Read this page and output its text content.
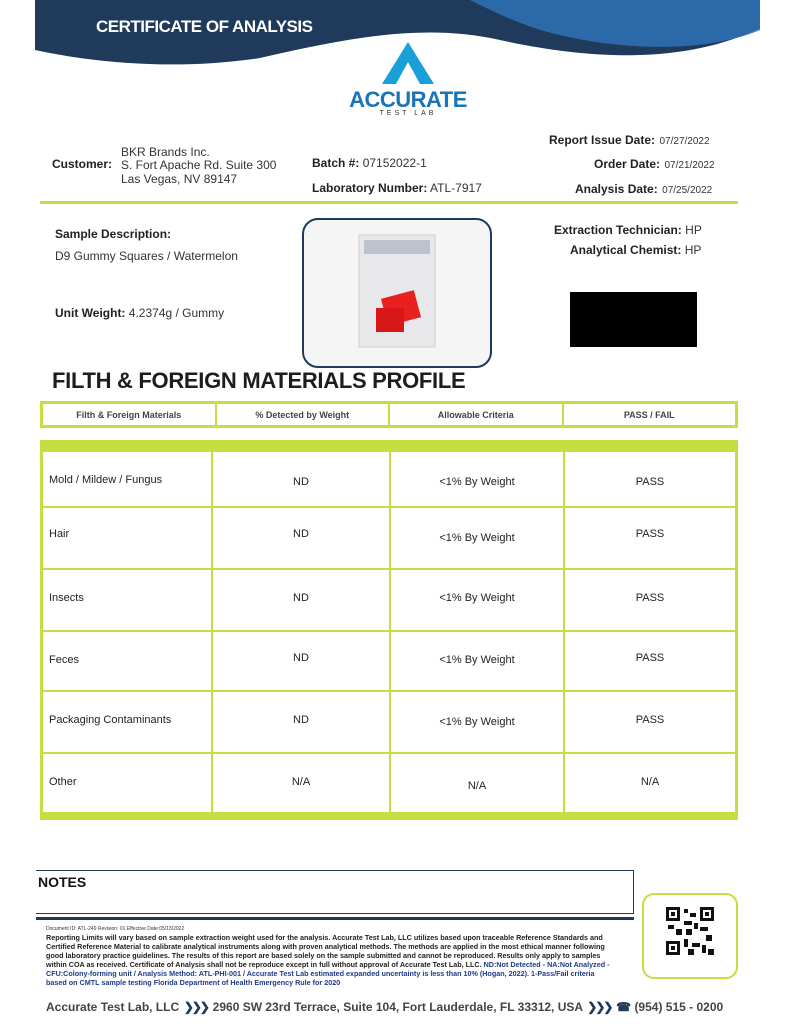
CERTIFICATE OF ANALYSIS
ACCURATE
TEST LAB
Customer:
BKR Brands Inc.
S. Fort Apache Rd. Suite 300
Las Vegas, NV 89147
Batch #: 07152022-1
Laboratory Number: ATL-7917
Report Issue Date: 07/27/2022
Order Date: 07/21/2022
Analysis Date: 07/25/2022
Sample Description:
D9 Gummy Squares / Watermelon
Unit Weight: 4.2374g / Gummy
Extraction Technician: HP
Analytical Chemist: HP
FILTH & FOREIGN MATERIALS PROFILE
Filth & Foreign Materials	% Detected by Weight	Allowable Criteria	PASS / FAIL
Mold / Mildew / Fungus	ND	<1% By Weight	PASS
Hair	ND	<1% By Weight	PASS
Insects	ND	<1% By Weight	PASS
Feces	ND	<1% By Weight	PASS
Packaging Contaminants	ND	<1% By Weight	PASS
Other	N/A	N/A	N/A
NOTES
Document ID: ATL-249 Revision: 01 Effective Date:05/13/2022
Reporting Limits will vary based on sample extraction weight used for the analysis. Accurate Test Lab, LLC utilizes based upon traceable Reference Standards and Certified Reference Material to calibrate analytical instruments along with proven analytical methods. The methods are applied in the most ethical manner following good laboratory practice guidelines. The results of this report are based solely on the sample submitted and cannot be reproduced. Results only apply to samples within COA as received. Certificate of Analysis shall not be reproduce except in full without approval of Accurate Test Lab, LLC. ND:Not Detected - NA:Not Analyzed - CFU:Colony-forming unit / Analysis Method: ATL-PHI-001 / Accurate Test Lab estimated expanded uncertainty is less than 10% (Hogan, 2022). 1-Pass/Fail criteria based on CMTL sample testing Florida Department of Health Emergency Rule for 2020
Accurate Test Lab, LLC  ❯❯❯  2960 SW 23rd Terrace, Suite 104, Fort Lauderdale, FL 33312, USA  ❯❯❯  ☎ (954) 515 - 0200
